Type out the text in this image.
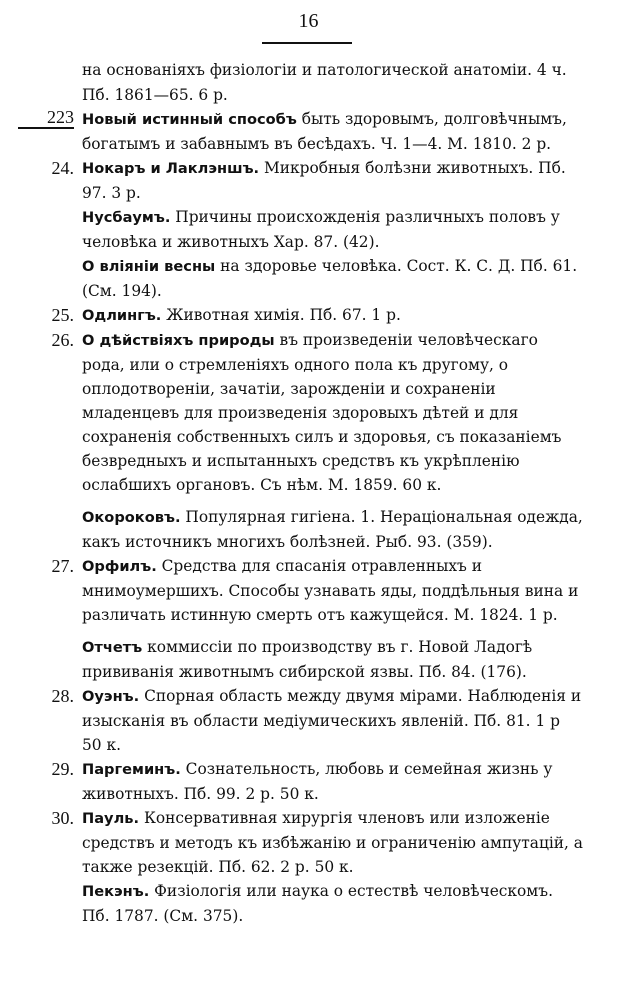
16
на основаніяхъ физіологіи и патологической анатоміи. 4 ч. Пб. 1861—65. 6 р.
223 Новый истинный способъ быть здоровымъ, долговѣчнымъ, богатымъ и забавнымъ въ бесѣдахъ. Ч. 1—4. М. 1810. 2 р.
24. Нокаръ и Лаклэншъ. Микробныя болѣзни животныхъ. Пб. 97. 3 р.
Нусбаумъ. Причины происхожденія различныхъ половъ у человѣка и животныхъ Хар. 87. (42).
О вліяніи весны на здоровье человѣка. Сост. К. С. Д. Пб. 61. (См. 194).
25. Одлингъ. Животная химія. Пб. 67. 1 р.
26. О дѣйствіяхъ природы въ произведеніи человѣческаго рода, или о стремленіяхъ одного пола къ другому, о оплодотвореніи, зачатіи, зарожденіи и сохраненіи младенцевъ для произведенія здоровыхъ дѣтей и для сохраненія собственныхъ силъ и здоровья, съ показаніемъ безвредныхъ и испытанныхъ средствъ къ укрѣпленію ослабшихъ органовъ. Съ нѣм. М. 1859. 60 к.
Окороковъ. Популярная гигіена. 1. Нераціональная одежда, какъ источникъ многихъ болѣзней. Рыб. 93. (359).
27. Орфилъ. Средства для спасанія отравленныхъ и мнимоумершихъ. Способы узнавать яды, поддѣльныя вина и различать истинную смерть отъ кажущейся. М. 1824. 1 р.
Отчетъ коммиссіи по производству въ г. Новой Ладогѣ прививанія животнымъ сибирской язвы. Пб. 84. (176).
28. Оуэнъ. Спорная область между двумя мірами. Наблюденія и изысканія въ области медіумическихъ явленій. Пб. 81. 1 р 50 к.
29. Паргеминъ. Сознательность, любовь и семейная жизнь у животныхъ. Пб. 99. 2 р. 50 к.
30. Пауль. Консервативная хирургія членовъ или изложеніе средствъ и методъ къ избѣжанію и ограниченію ампутацій, а также резекцій. Пб. 62. 2 р. 50 к.
Пекэнъ. Физіологія или наука о естествѣ человѣческомъ. Пб. 1787. (См. 375).
